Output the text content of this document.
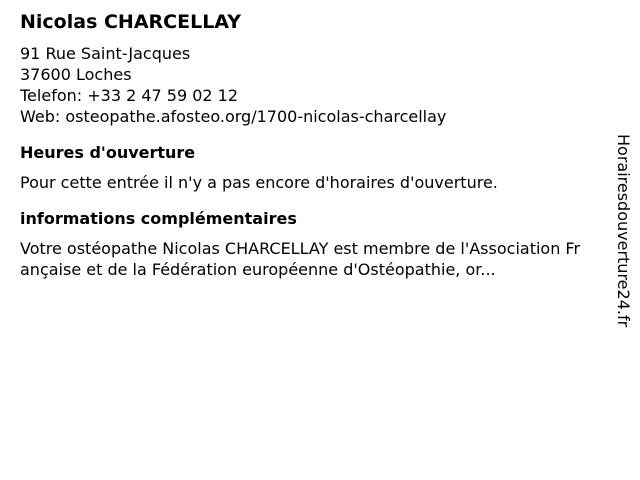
Nicolas CHARCELLAY
91 Rue Saint-Jacques
37600 Loches
Telefon: +33 2 47 59 02 12
Web: osteopathe.afosteo.org/1700-nicolas-charcellay
Heures d'ouverture
Pour cette entrée il n'y a pas encore d'horaires d'ouverture.
informations complémentaires
Votre ostéopathe Nicolas CHARCELLAY est membre de l'Association Française et de la Fédération européenne d'Ostéopathie, or...	Horairesdouverture24.fr
